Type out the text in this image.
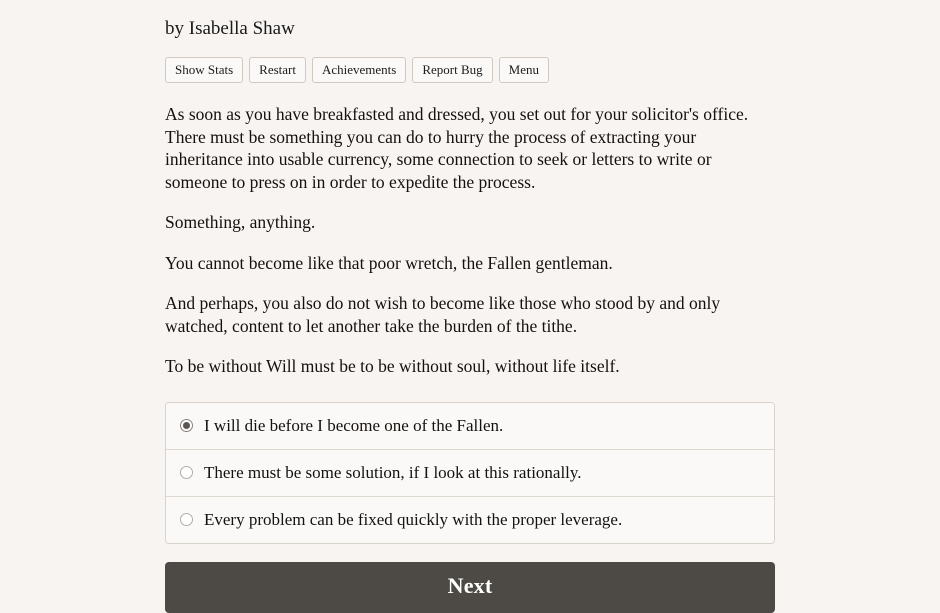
by Isabella Shaw

Show Stats	Restart	Achievements	Report Bug	Menu

As soon as you have breakfasted and dressed, you set out for your solicitor's office. There must be something you can do to hurry the process of extracting your inheritance into usable currency, some connection to seek or letters to write or someone to press on in order to expedite the process.

Something, anything.

You cannot become like that poor wretch, the Fallen gentleman.

And perhaps, you also do not wish to become like those who stood by and only watched, content to let another take the burden of the tithe.

To be without Will must be to be without soul, without life itself.

I will die before I become one of the Fallen.
There must be some solution, if I look at this rationally.
Every problem can be fixed quickly with the proper leverage.
Next
